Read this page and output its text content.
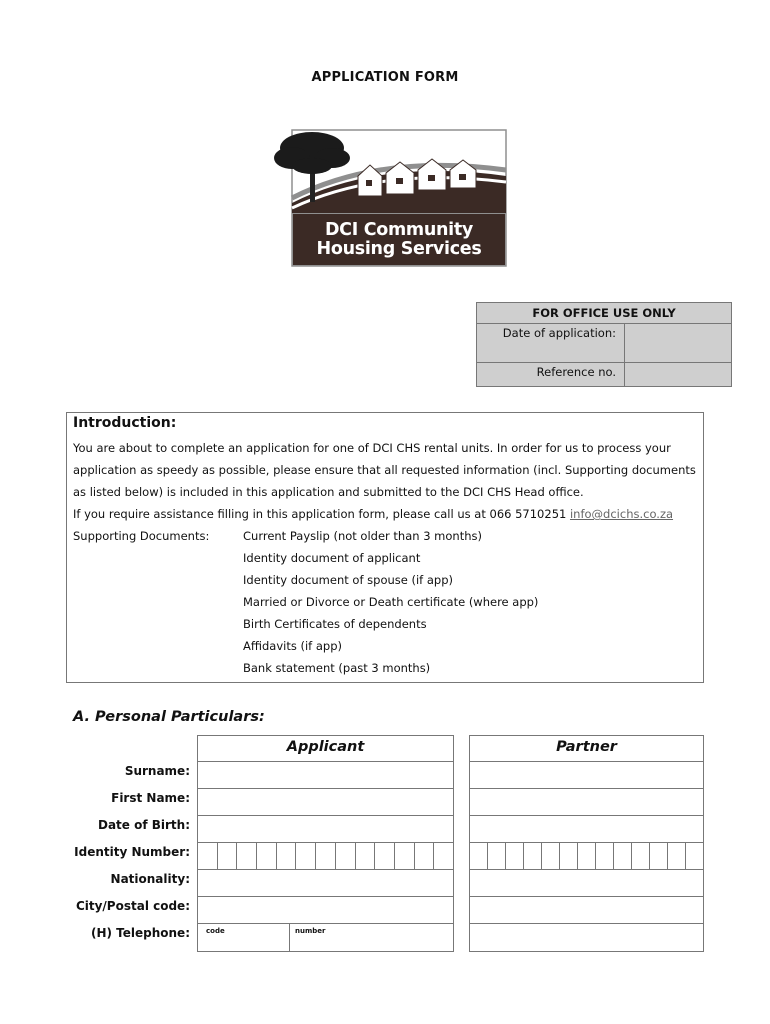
APPLICATION FORM
DCI Community
Housing Services
FOR OFFICE USE ONLY	
Date of application:	
Reference no.	
Introduction:
You are about to complete an application for one of DCI CHS rental units. In order for us to process your
application as speedy as possible, please ensure that all requested information (incl. Supporting documents
as listed below) is included in this application and submitted to the DCI CHS Head office.
If you require assistance filling in this application form, please call us at 066 5710251 info@dcichs.co.za
Supporting Documents:	Current Payslip (not older than 3 months)
Identity document of applicant
Identity document of spouse (if app)
Married or Divorce or Death certificate (where app)
Birth Certificates of dependents
Affidavits (if app)
Bank statement (past 3 months)
A. Personal Particulars:
Applicant	Partner
Surname:
First Name:
Date of Birth:
Identity Number:
Nationality:
City/Postal code:
(H) Telephone:	code	number
